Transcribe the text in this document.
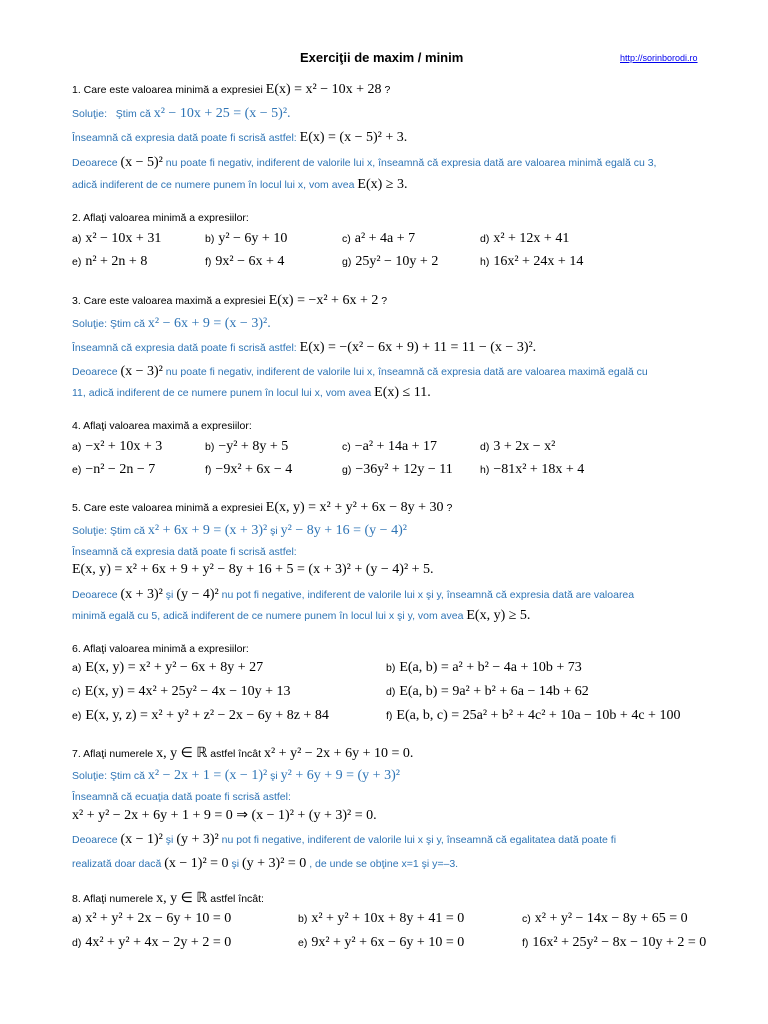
Exerciţii de maxim / minim	http://sorinborodi.ro
1. Care este valoarea minimă a expresiei E(x) = x² − 10x + 28 ?
Soluţie: Ştim că x² − 10x + 25 = (x − 5)².
Înseamnă că expresia dată poate fi scrisă astfel: E(x) = (x − 5)² + 3.
Deoarece (x − 5)² nu poate fi negativ, indiferent de valorile lui x, înseamnă că expresia dată are valoarea minimă egală cu 3,
adică indiferent de ce numere punem în locul lui x, vom avea E(x) ≥ 3.
2. Aflaţi valoarea minimă a expresiilor:
a) x² − 10x + 31	b) y² − 6y + 10	c) a² + 4a + 7	d) x² + 12x + 41
e) n² + 2n + 8	f) 9x² − 6x + 4	g) 25y² − 10y + 2	h) 16x² + 24x + 14
3. Care este valoarea maximă a expresiei E(x) = −x² + 6x + 2 ?
Soluţie: Ştim că x² − 6x + 9 = (x − 3)².
Înseamnă că expresia dată poate fi scrisă astfel: E(x) = −(x² − 6x + 9) + 11 = 11 − (x − 3)².
Deoarece (x − 3)² nu poate fi negativ, indiferent de valorile lui x, înseamnă că expresia dată are valoarea maximă egală cu
11, adică indiferent de ce numere punem în locul lui x, vom avea E(x) ≤ 11.
4. Aflaţi valoarea maximă a expresiilor:
a) −x² + 10x + 3	b) −y² + 8y + 5	c) −a² + 14a + 17	d) 3 + 2x − x²
e) −n² − 2n − 7	f) −9x² + 6x − 4	g) −36y² + 12y − 11	h) −81x² + 18x + 4
5. Care este valoarea minimă a expresiei E(x, y) = x² + y² + 6x − 8y + 30 ?
Soluţie: Ştim că x² + 6x + 9 = (x + 3)² şi y² − 8y + 16 = (y − 4)²
Înseamnă că expresia dată poate fi scrisă astfel:
E(x, y) = x² + 6x + 9 + y² − 8y + 16 + 5 = (x + 3)² + (y − 4)² + 5.
Deoarece (x + 3)² şi (y − 4)² nu pot fi negative, indiferent de valorile lui x şi y, înseamnă că expresia dată are valoarea
minimă egală cu 5, adică indiferent de ce numere punem în locul lui x şi y, vom avea E(x, y) ≥ 5.
6. Aflaţi valoarea minimă a expresiilor:
a) E(x, y) = x² + y² − 6x + 8y + 27	b) E(a, b) = a² + b² − 4a + 10b + 73
c) E(x, y) = 4x² + 25y² − 4x − 10y + 13	d) E(a, b) = 9a² + b² + 6a − 14b + 62
e) E(x, y, z) = x² + y² + z² − 2x − 6y + 8z + 84	f) E(a, b, c) = 25a² + b² + 4c² + 10a − 10b + 4c + 100
7. Aflaţi numerele x, y ∈ ℝ astfel încât x² + y² − 2x + 6y + 10 = 0.
Soluţie: Ştim că x² − 2x + 1 = (x − 1)² şi y² + 6y + 9 = (y + 3)²
Înseamnă că ecuaţia dată poate fi scrisă astfel:
x² + y² − 2x + 6y + 1 + 9 = 0 ⇒ (x − 1)² + (y + 3)² = 0.
Deoarece (x − 1)² şi (y + 3)² nu pot fi negative, indiferent de valorile lui x şi y, înseamnă că egalitatea dată poate fi
realizată doar dacă (x − 1)² = 0 şi (y + 3)² = 0 , de unde se obţine x=1 şi y=–3.
8. Aflaţi numerele x, y ∈ ℝ astfel încât:
a) x² + y² + 2x − 6y + 10 = 0	b) x² + y² + 10x + 8y + 41 = 0	c) x² + y² − 14x − 8y + 65 = 0
d) 4x² + y² + 4x − 2y + 2 = 0	e) 9x² + y² + 6x − 6y + 10 = 0	f) 16x² + 25y² − 8x − 10y + 2 = 0
